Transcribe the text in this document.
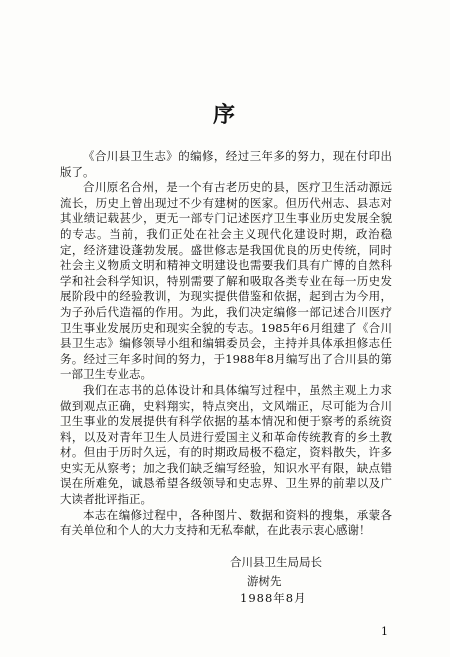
序

《合川县卫生志》的编修，经过三年多的努力，现在付印出版了。

合川原名合州，是一个有古老历史的县，医疗卫生活动源远流长，历史上曾出现过不少有建树的医家。但历代州志、县志对其业绩记载甚少，更无一部专门记述医疗卫生事业历史发展全貌的专志。当前，我们正处在社会主义现代化建设时期，政治稳定，经济建设蓬勃发展。盛世修志是我国优良的历史传统，同时社会主义物质文明和精神文明建设也需要我们具有广博的自然科学和社会科学知识，特别需要了解和吸取各类专业在每一历史发展阶段中的经验教训，为现实提供借鉴和依据，起到古为今用，为子孙后代造福的作用。为此，我们决定编修一部记述合川医疗卫生事业发展历史和现实全貌的专志。1985年6月组建了《合川县卫生志》编修领导小组和编辑委员会，主持并具体承担修志任务。经过三年多时间的努力，于1988年8月编写出了合川县的第一部卫生专业志。

我们在志书的总体设计和具体编写过程中，虽然主观上力求做到观点正确，史料翔实，特点突出，文风端正，尽可能为合川卫生事业的发展提供有科学依据的基本情况和便于察考的系统资料，以及对青年卫生人员进行爱国主义和革命传统教育的乡土教材。但由于历时久远，有的时期政局极不稳定，资料散失，许多史实无从察考；加之我们缺乏编写经验，知识水平有限，缺点错误在所难免，诚恳希望各级领导和史志界、卫生界的前辈以及广大读者批评指正。

本志在编修过程中，各种图片、数据和资料的搜集，承蒙各有关单位和个人的大力支持和无私奉献，在此表示衷心感谢！

合川县卫生局局长
游树先
1988年8月
1
